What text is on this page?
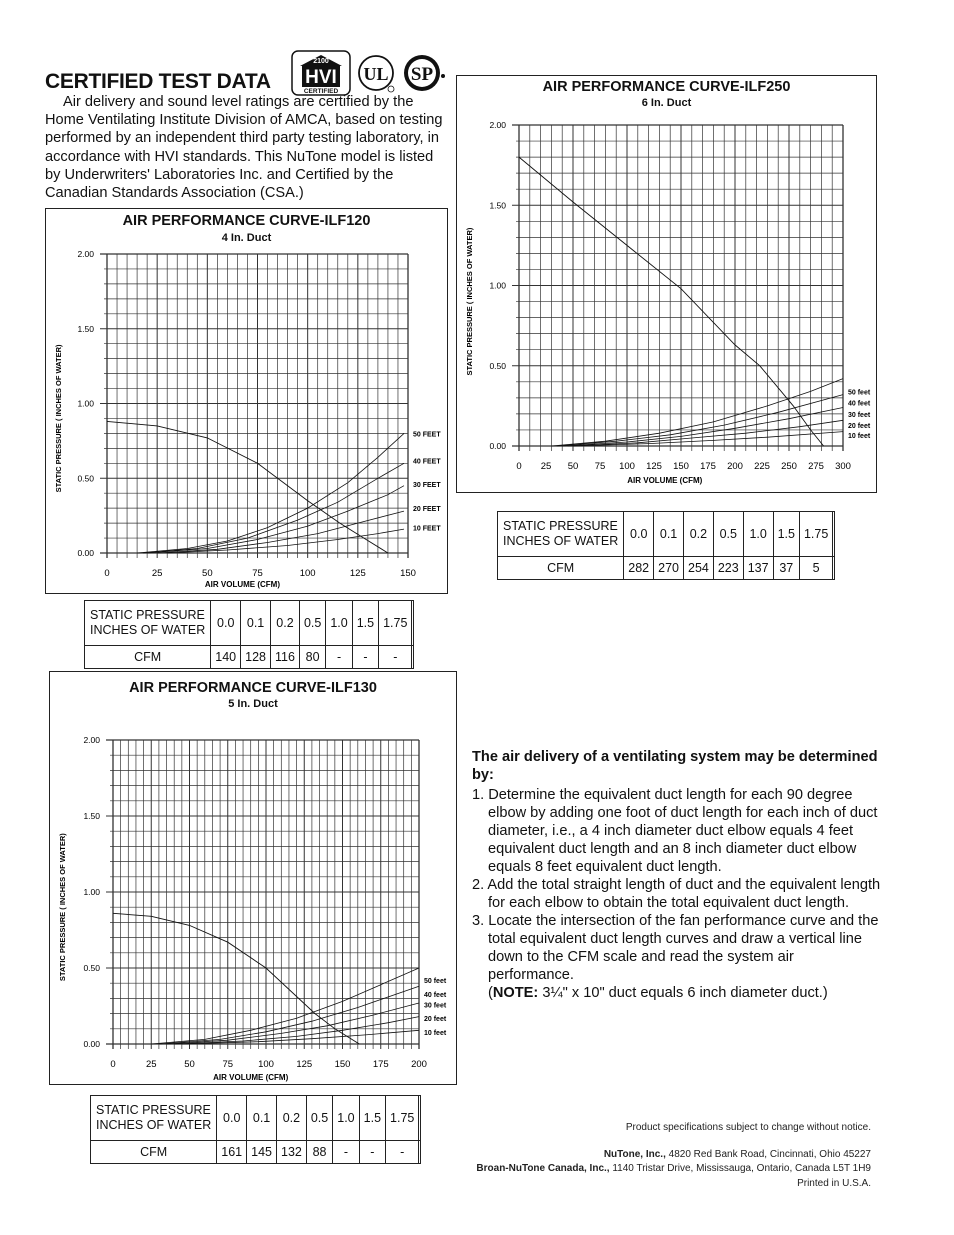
CERTIFIED TEST DATA
2100
HVI
CERTIFIED
UL SP

Air delivery and sound level ratings are certified by the Home Ventilating Institute Division of AMCA, based on testing performed by an independent third party testing laboratory, in accordance with HVI standards. This NuTone model is listed by Underwriters' Laboratories Inc. and Certified by the Canadian Standards Association (CSA.)

AIR PERFORMANCE CURVE-ILF120
4 In. Duct
0	25	50	75	100	125	150
0.00
0.50
1.00
1.50
2.00
50 FEET
40 FEET
30 FEET
20 FEET
10 FEET
AIR VOLUME (CFM)
STATIC PRESSURE ( INCHES OF WATER)
AIR PERFORMANCE CURVE-ILF250
6 In. Duct
0 25 50 75 100 125 150 175 200 225 250 275 300
0.00
0.50
1.00
1.50
2.00
50 feet
40 feet
30 feet
20 feet
10 feet
AIR VOLUME (CFM)
STATIC PRESSURE ( INCHES OF WATER)
AIR PERFORMANCE CURVE-ILF130
5 In. Duct
0	25	50	75	100 125 150 175 200
0.00
0.50
1.00
1.50
2.00
50 feet
40 feet
30 feet
20 feet
10 feet
AIR VOLUME (CFM)
STATIC PRESSURE ( INCHES OF WATER)
STATIC PRESSURE
INCHES OF WATER	0.0	0.1	0.2	0.5	1.0	1.5	1.75	
CFM	140	128	116	80	-	-	-	
STATIC PRESSURE
INCHES OF WATER	0.0	0.1	0.2	0.5	1.0	1.5	1.75	
CFM	282	270	254	223	137	37	5	
STATIC PRESSURE
INCHES OF WATER	0.0	0.1	0.2	0.5	1.0	1.5	1.75	
CFM	161	145	132	88	-	-	-	
The air delivery of a ventilating system may be determined by:
1. Determine the equivalent duct length for each 90 degree elbow by adding one foot of duct length for each inch of duct diameter, i.e., a 4 inch diameter duct elbow equals 4 feet equivalent duct length and an 8 inch diameter duct elbow equals 8 feet equivalent duct length.
2. Add the total straight length of duct and the equivalent length for each elbow to obtain the total equivalent duct length.
3. Locate the intersection of the fan performance curve and the total equivalent duct length curves and draw a vertical line down to the CFM scale and read the system air performance.
(NOTE: 3¼" x 10" duct equals 6 inch diameter duct.)
Product specifications subject to change without notice.
NuTone, Inc., 4820 Red Bank Road, Cincinnati, Ohio 45227
Broan-NuTone Canada, Inc., 1140 Tristar Drive, Mississauga, Ontario, Canada L5T 1H9
Printed in U.S.A.
